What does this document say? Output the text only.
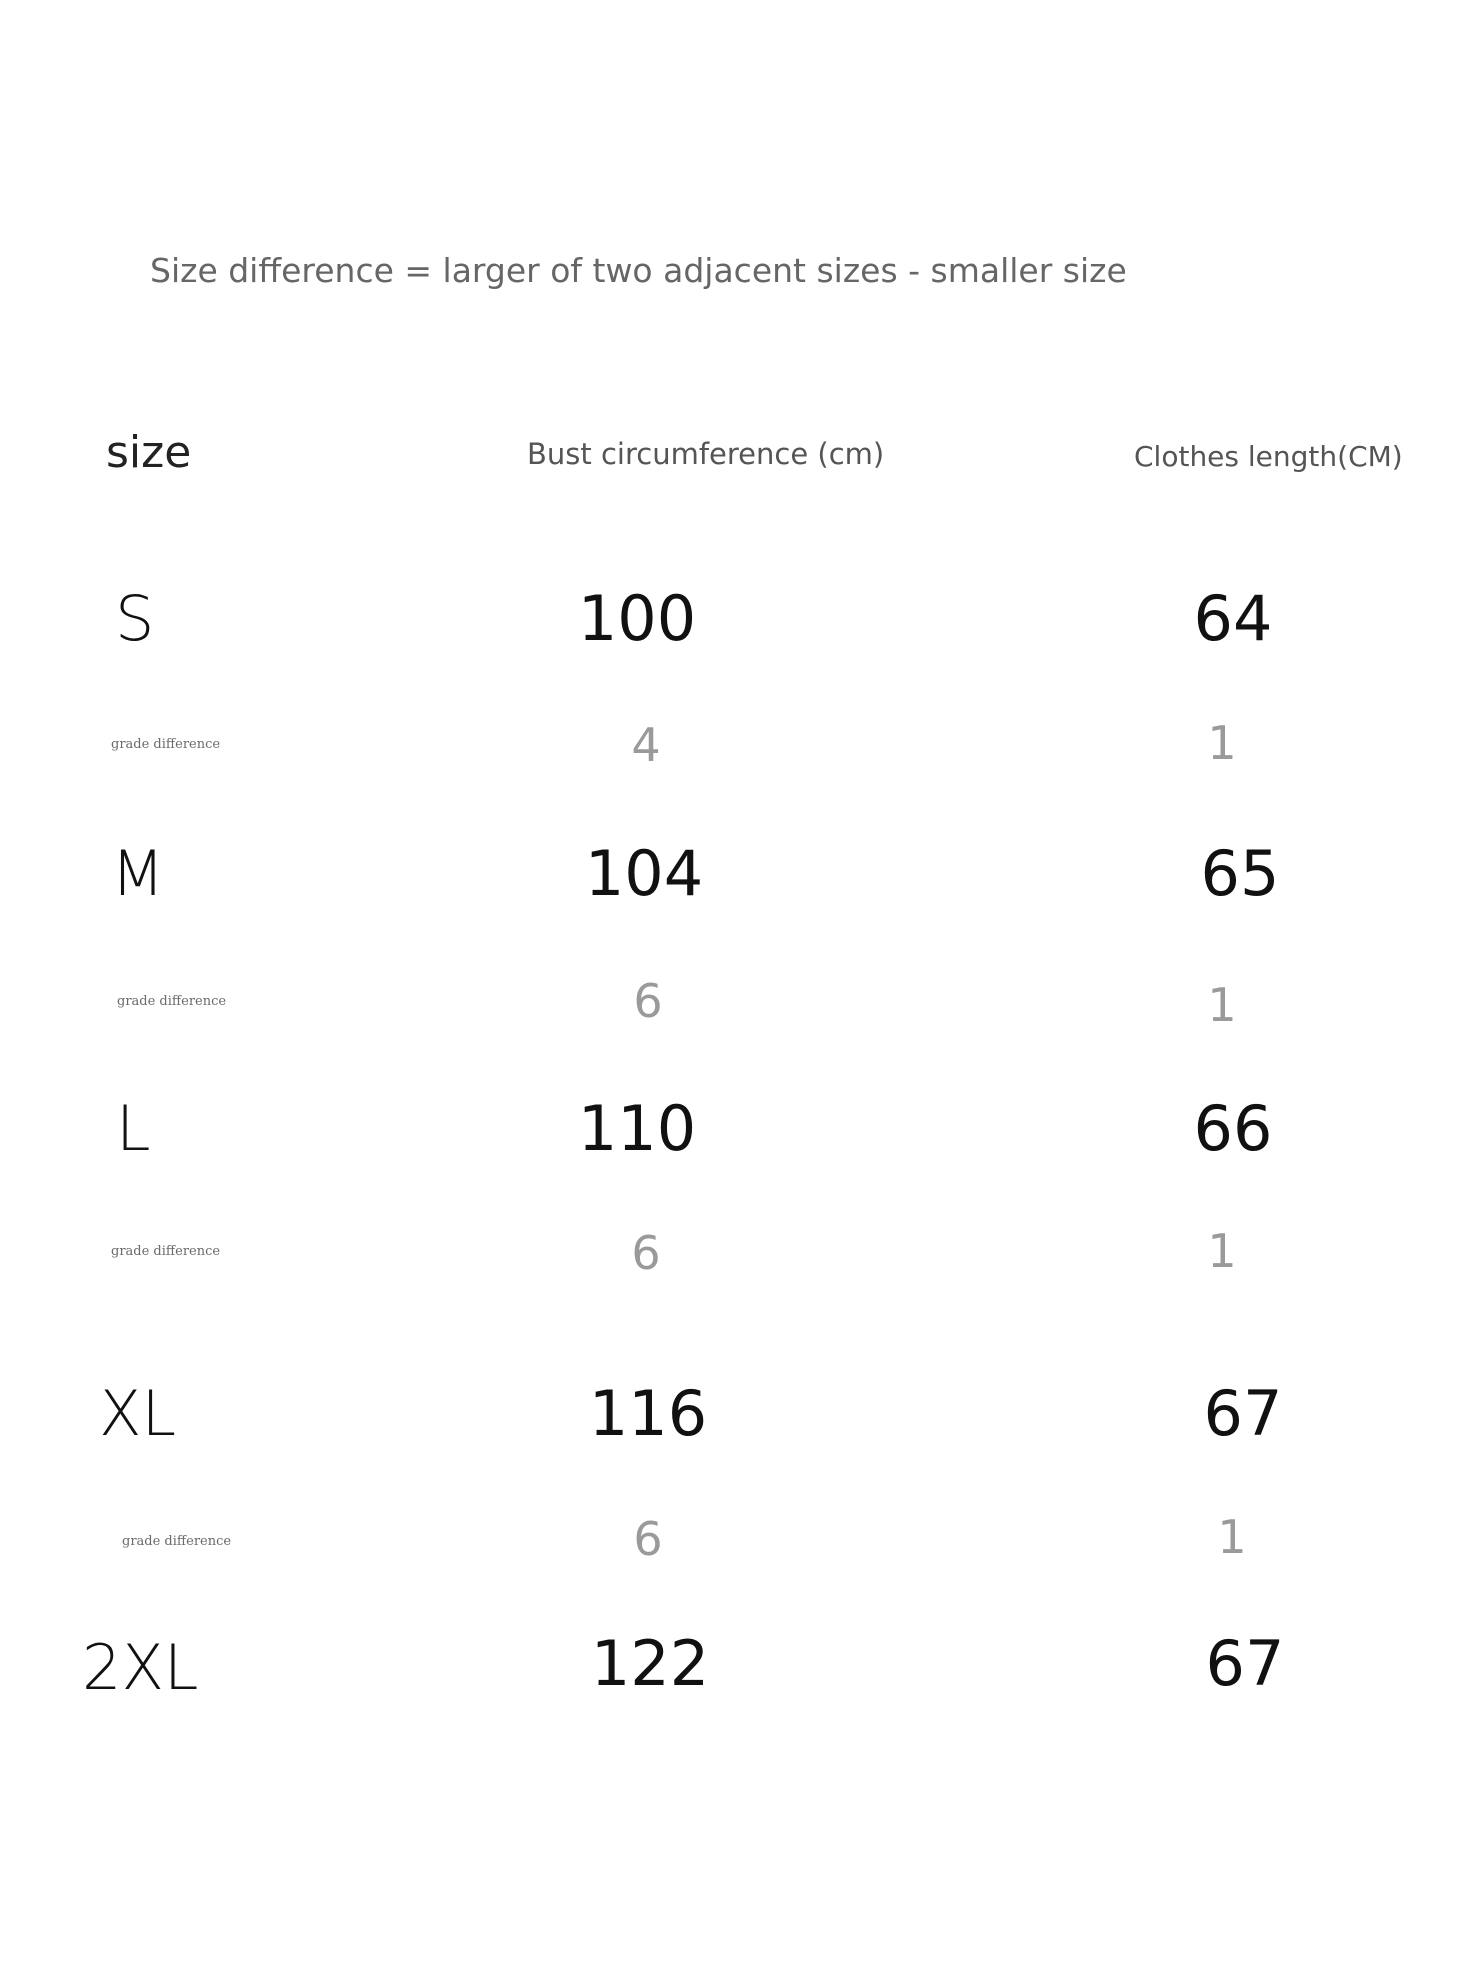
Size difference = larger of two adjacent sizes - smaller size
size	Bust circumference (cm)	Clothes length(CM)
S	100	64
grade difference	4	1
M	104	65
grade difference	6	1
L	110	66
grade difference	6	1
XL	116	67
grade difference	6	1
2XL	122	67
